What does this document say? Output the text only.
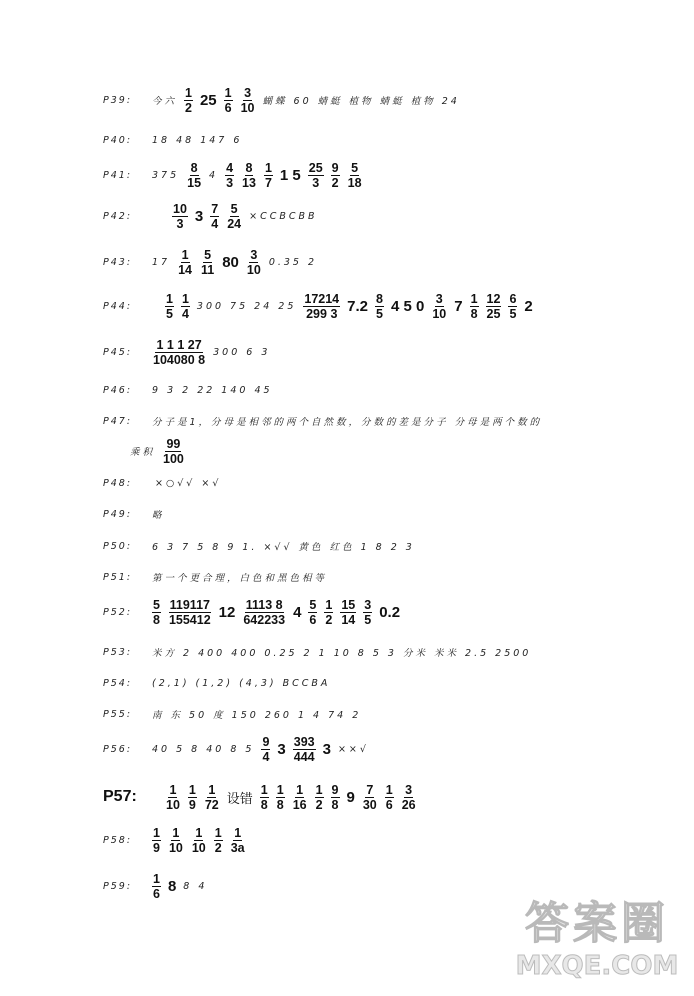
答案圈
MXQE.COM
P39:	今六 $\frac{1}{2} 25 \frac{1}{6} \frac{3}{10}$ 蝴蝶 60 蜻蜓 植物 蜻蜓 植物 24
P40:	18 48 147 6
P41:	$375 \frac{8}{15} 4 \frac{4}{3} \frac{8}{13} \frac{1}{7} 1$ $5 \frac{25}{3} \frac{9}{2} \frac{5}{18}$
P42:	$\frac{10}{3} 3 \frac{7}{4} \frac{5}{24}$ ×CCBCBB
P43:	$17 \frac{1}{14} \frac{5}{11} 80 \frac{3}{10} 0.35$ 2
P44:	$\frac{1}{5} \frac{1}{4} 300$ 75 24 $25 \frac{17214}{299 3} 7.2 \frac{8}{5} 4$ 5 $0 \frac{3}{10} 7 \frac{1}{8} \frac{12}{25} \frac{6}{5} 2$
P45:	$\frac{1 1 1 27}{104080 8} 300$ 6 3
P46:	9 3 2 22 140 45
P47:	分子是1，分母是相邻的两个自然数，分数的差是分子 分母是两个数的
乘积 $\frac{99}{100}$
P48:	×○√√ ×√
P49:	略
P50:	6 3 7 5 8 9 1. ×√√ 黄色 红色 1 8 2 3
P51:	第一个更合理，白色和黑色相等
P52:	$\frac{5}{8} \frac{119117}{155412} 12 \frac{1113 8}{642233} 4 \frac{5}{6} \frac{1}{2} \frac{15}{14} \frac{3}{5} 0.2$
P53:	米方 2 400 400 0.25 2 1 10 8 5 3 分米 米米 2.5 2500
P54:	(2,1) (1,2) (4,3) BCCBA
P55:	南 东 50 度 150 260 1 4 74 2
P56:	40 5 8 40 8 $5 \frac{9}{4} 3 \frac{393}{444} 3$ ××√
P57:	$\frac{1}{10} \frac{1}{9} \frac{1}{72}$ 设错 $\frac{1}{8} \frac{1}{8} \frac{1}{16} \frac{1}{2} \frac{9}{8} 9 \frac{7}{30} \frac{1}{6} \frac{3}{26}$
P58:	$\frac{1}{9} \frac{1}{10} \frac{1}{10} \frac{1}{2} \frac{1}{3a}$
P59:	$\frac{1}{6} 8$ 8 4
